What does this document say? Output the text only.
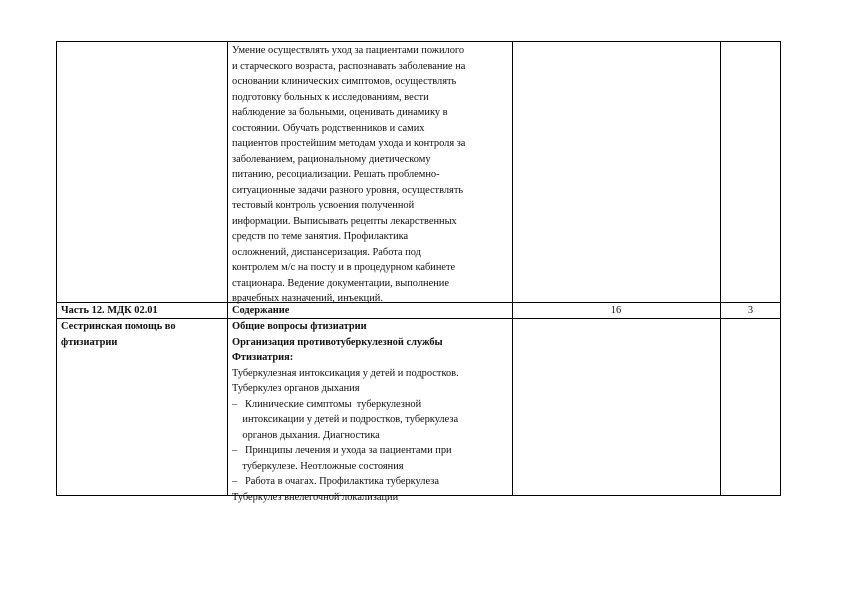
Умение осуществлять уход за пациентами пожилого
и старческого возраста, распознавать заболевание на
основании клинических симптомов, осуществлять
подготовку больных к исследованиям, вести
наблюдение за больными, оценивать динамику в
состоянии. Обучать родственников и самих
пациентов простейшим методам ухода и контроля за
заболеванием, рациональному диетическому
питанию, ресоциализации. Решать проблемно-
ситуационные задачи разного уровня, осуществлять
тестовый контроль усвоения полученной
информации. Выписывать рецепты лекарственных
средств по теме занятия. Профилактика
осложнений, диспансеризация. Работа под
контролем м/с на посту и в процедурном кабинете
стационара. Ведение документации, выполнение
врачебных назначений, инъекций.
Часть 12. МДК 02.01
Сестринская помощь во
фтизиатрии
Содержание	16	3
Общие вопросы фтизиатрии
Организация противотуберкулезной службы
Фтизиатрия:
Туберкулезная интоксикация у детей и подростков.
Туберкулез органов дыхания
–   Клинические симптомы  туберкулезной
интоксикации у детей и подростков, туберкулеза
органов дыхания. Диагностика
–   Принципы лечения и ухода за пациентами при
туберкулезе. Неотложные состояния
–   Работа в очагах. Профилактика туберкулеза
Туберкулез внелегочной локализации
